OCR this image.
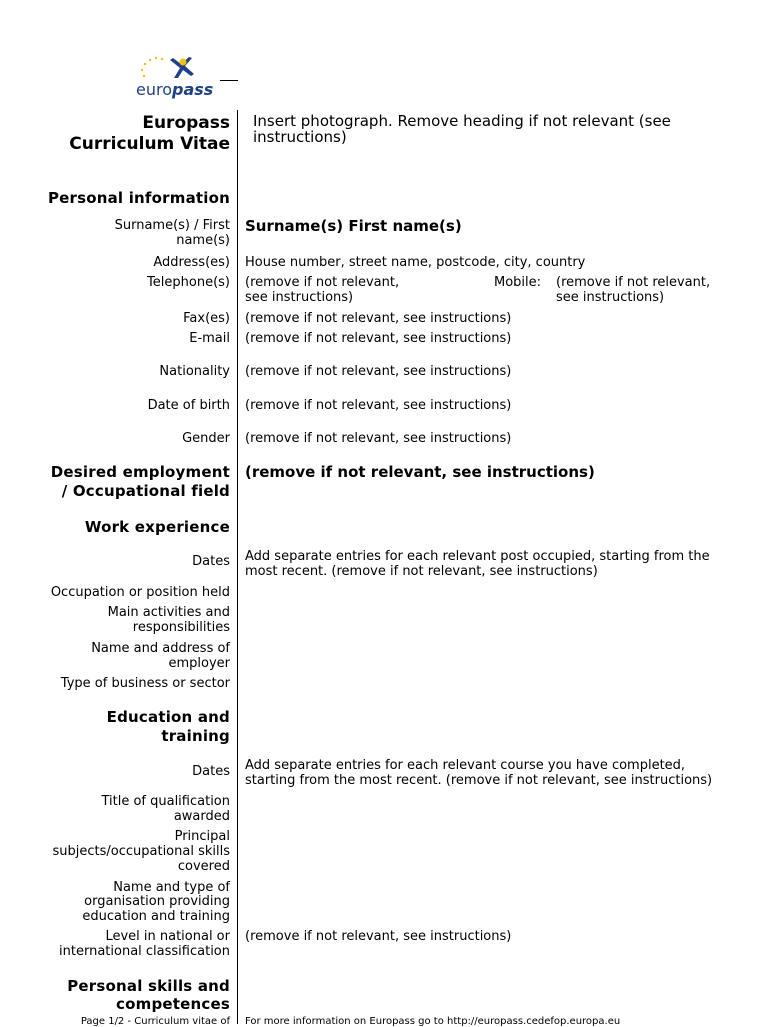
europass
Europass
Curriculum Vitae
Insert photograph. Remove heading if not relevant (see instructions)
Personal information
Surname(s) / First
name(s)
Surname(s) First name(s)
Address(es) House number, street name, postcode, city, country
Telephone(s) (remove if not relevant,
see instructions)
Mobile: (remove if not relevant,
see instructions)
Fax(es) (remove if not relevant, see instructions)
E-mail (remove if not relevant, see instructions)
Nationality (remove if not relevant, see instructions)
Date of birth (remove if not relevant, see instructions)
Gender (remove if not relevant, see instructions)
Desired employment
/ Occupational field
(remove if not relevant, see instructions)
Work experience
Dates Add separate entries for each relevant post occupied, starting from the
most recent. (remove if not relevant, see instructions)
Occupation or position held
Main activities and
responsibilities
Name and address of
employer
Type of business or sector
Education and
training
Dates Add separate entries for each relevant course you have completed,
starting from the most recent. (remove if not relevant, see instructions)
Title of qualification
awarded
Principal
subjects/occupational skills
covered
Name and type of
organisation providing
education and training
Level in national or
international classification
(remove if not relevant, see instructions)
Personal skills and
competences
Page 1/2 - Curriculum vitae of For more information on Europass go to http://europass.cedefop.europa.eu
